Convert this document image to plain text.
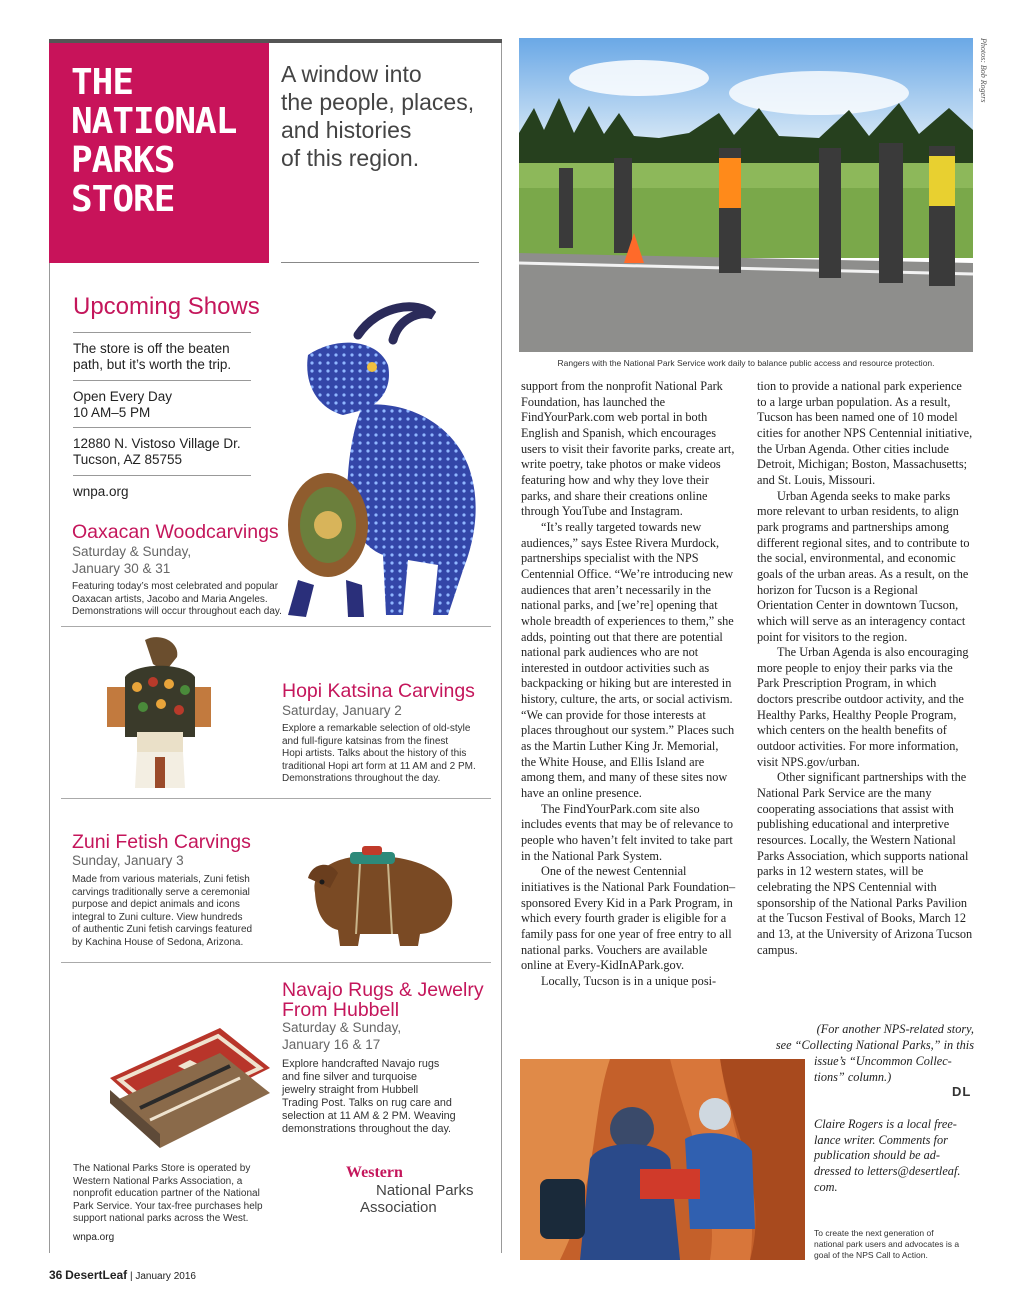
THE
NATIONAL
PARKS
STORE
A window into
the people, places,
and histories
of this region.
Upcoming Shows
The store is off the beaten
path, but it’s worth the trip.
Open Every Day
10 AM–5 PM
12880 N. Vistoso Village Dr.
Tucson, AZ 85755
wnpa.org
Oaxacan Woodcarvings
Saturday & Sunday,
January 30 & 31
Featuring today’s most celebrated and popular
Oaxacan artists, Jacobo and Maria Angeles.
Demonstrations will occur throughout each day.
Hopi Katsina Carvings
Saturday, January 2
Explore a remarkable selection of old-style
and full-figure katsinas from the finest
Hopi artists. Talks about the history of this
traditional Hopi art form at 11 AM and 2 PM.
Demonstrations throughout the day.
Zuni Fetish Carvings
Sunday, January 3
Made from various materials, Zuni fetish
carvings traditionally serve a ceremonial
purpose and depict animals and icons
integral to Zuni culture. View hundreds
of authentic Zuni fetish carvings featured
by Kachina House of Sedona, Arizona.
Navajo Rugs & Jewelry
From Hubbell
Saturday & Sunday,
January 16 & 17
Explore handcrafted Navajo rugs
and fine silver and turquoise
jewelry straight from Hubbell
Trading Post. Talks on rug care and
selection at 11 AM & 2 PM. Weaving
demonstrations throughout the day.
The National Parks Store is operated by
Western National Parks Association, a
nonprofit education partner of the National
Park Service. Your tax-free purchases help
support national parks across the West.
wnpa.org
Western
National Parks
Association
Photos: Bob Rogers
Rangers with the National Park Service work daily to balance public access and resource protection.
To create the next generation of
national park users and advocates is a
goal of the NPS Call to Action.

support from the nonprofit National Park Foundation, has launched the FindYourPark.com web portal in both English and Spanish, which encourages users to visit their favorite parks, create art, write poetry, take photos or make videos featuring how and why they love their parks, and share their creations online through YouTube and Instagram.

“It’s really targeted towards new audiences,” says Estee Rivera Murdock, partnerships specialist with the NPS Centennial Office. “We’re introducing new audiences that aren’t necessarily in the national parks, and [we’re] opening that whole breadth of experiences to them,” she adds, pointing out that there are potential national park audiences who are not interested in outdoor activities such as backpacking or hiking but are interested in history, culture, the arts, or social activism. “We can provide for those interests at places throughout our system.” Places such as the Martin Luther King Jr. Memorial, the White House, and Ellis Island are among them, and many of these sites now have an online presence.

The FindYourPark.com site also includes events that may be of relevance to people who haven’t felt invited to take part in the National Park System.

One of the newest Centennial initiatives is the National Park Foundation–sponsored Every Kid in a Park Program, in which every fourth grader is eligible for a family pass for one year of free entry to all national parks. Vouchers are available online at Every-KidInAPark.gov.

Locally, Tucson is in a unique posi-

tion to provide a national park experience to a large urban population. As a result, Tucson has been named one of 10 model cities for another NPS Centennial initiative, the Urban Agenda. Other cities include Detroit, Michigan; Boston, Massachusetts; and St. Louis, Missouri.

Urban Agenda seeks to make parks more relevant to urban residents, to align park programs and partnerships among different regional sites, and to contribute to the social, environmental, and economic goals of the urban areas. As a result, on the horizon for Tucson is a Regional Orientation Center in downtown Tucson, which will serve as an interagency contact point for visitors to the region.

The Urban Agenda is also encouraging more people to enjoy their parks via the Park Prescription Program, in which doctors prescribe outdoor activity, and the Healthy Parks, Healthy People Program, which centers on the health benefits of outdoor activities. For more information, visit NPS.gov/urban.

Other significant partnerships with the National Park Service are the many cooperating associations that assist with publishing educational and interpretive resources. Locally, the Western National Parks Association, which supports national parks in 12 western states, will be celebrating the NPS Centennial with sponsorship of the National Parks Pavilion at the Tucson Festival of Books, March 12 and 13, at the University of Arizona Tucson campus.

(For another NPS-related story,
see “Collecting National Parks,” in this
issue’s “Uncommon Collec-
tions” column.)
DL
Claire Rogers is a local free-
lance writer. Comments for
publication should be ad-
dressed to letters@desertleaf.
com.
36 DesertLeaf | January 2016
